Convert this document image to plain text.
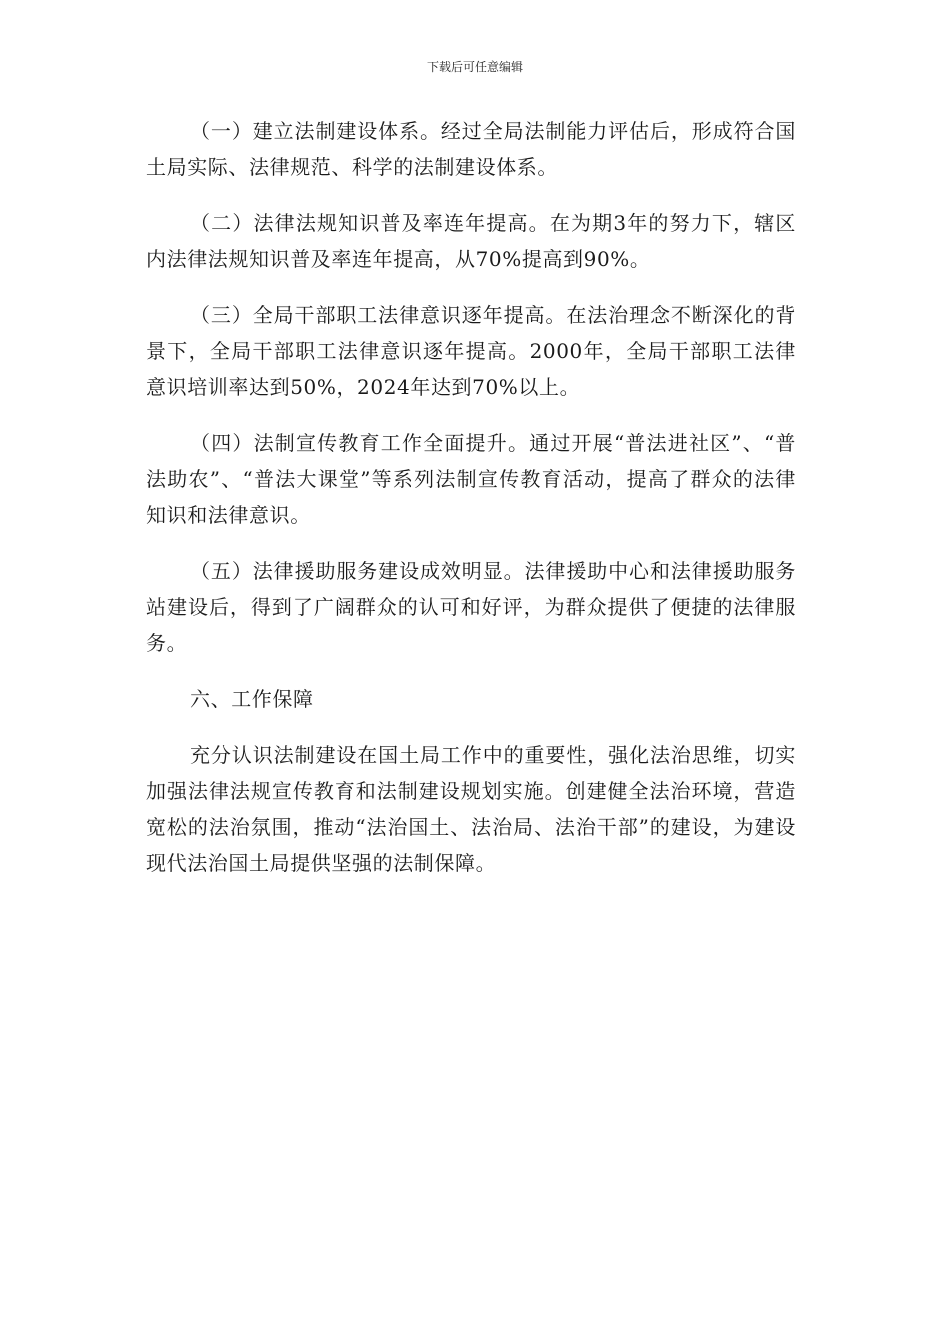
下载后可任意编辑

（一）建立法制建设体系。经过全局法制能力评估后，形成符合国土局实际、法律规范、科学的法制建设体系。

（二）法律法规知识普及率连年提高。在为期3年的努力下，辖区内法律法规知识普及率连年提高，从70%提高到90%。

（三）全局干部职工法律意识逐年提高。在法治理念不断深化的背景下，全局干部职工法律意识逐年提高。2000年，全局干部职工法律意识培训率达到50%，2024年达到70%以上。

（四）法制宣传教育工作全面提升。通过开展“普法进社区”、“普法助农”、“普法大课堂”等系列法制宣传教育活动，提高了群众的法律知识和法律意识。

（五）法律援助服务建设成效明显。法律援助中心和法律援助服务站建设后，得到了广阔群众的认可和好评，为群众提供了便捷的法律服务。

六、工作保障

充分认识法制建设在国土局工作中的重要性，强化法治思维，切实加强法律法规宣传教育和法制建设规划实施。创建健全法治环境，营造宽松的法治氛围，推动“法治国土、法治局、法治干部”的建设，为建设现代法治国土局提供坚强的法制保障。
